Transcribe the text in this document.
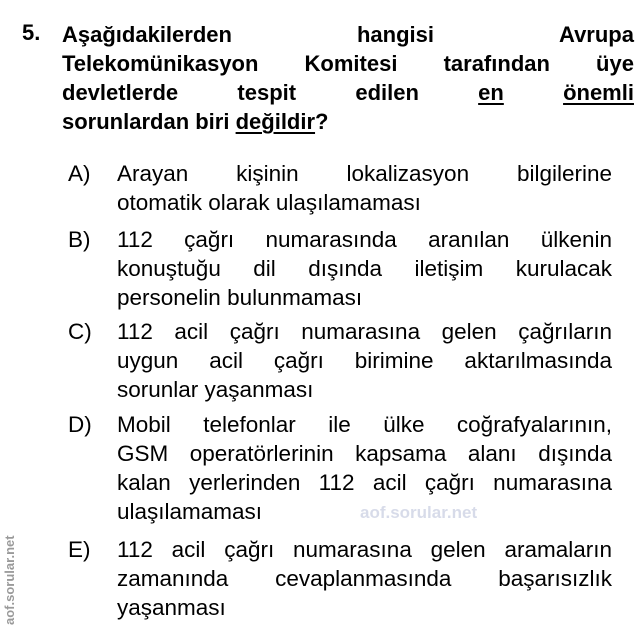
aof.sorular.net
5. Aşağıdakilerden	hangisi	Avrupa
Telekomünikasyon Komitesi tarafından üye
devletlerde	tespit	edilen	en	önemli
sorunlardan biri değildir?
A) Arayan kişinin lokalizasyon bilgilerine
otomatik olarak ulaşılamaması
B) 112 çağrı numarasında aranılan ülkenin
konuştuğu dil dışında iletişim kurulacak
personelin bulunmaması
C) 112 acil çağrı numarasına gelen çağrıların
uygun acil çağrı birimine aktarılmasında
sorunlar yaşanması
D) Mobil telefonlar ile ülke coğrafyalarının,
GSM operatörlerinin kapsama alanı dışında
kalan yerlerinden 112 acil çağrı numarasına
ulaşılamaması
E) 112 acil çağrı numarasına gelen aramaların
zamanında cevaplanmasında başarısızlık
yaşanması
aof.sorular.net
